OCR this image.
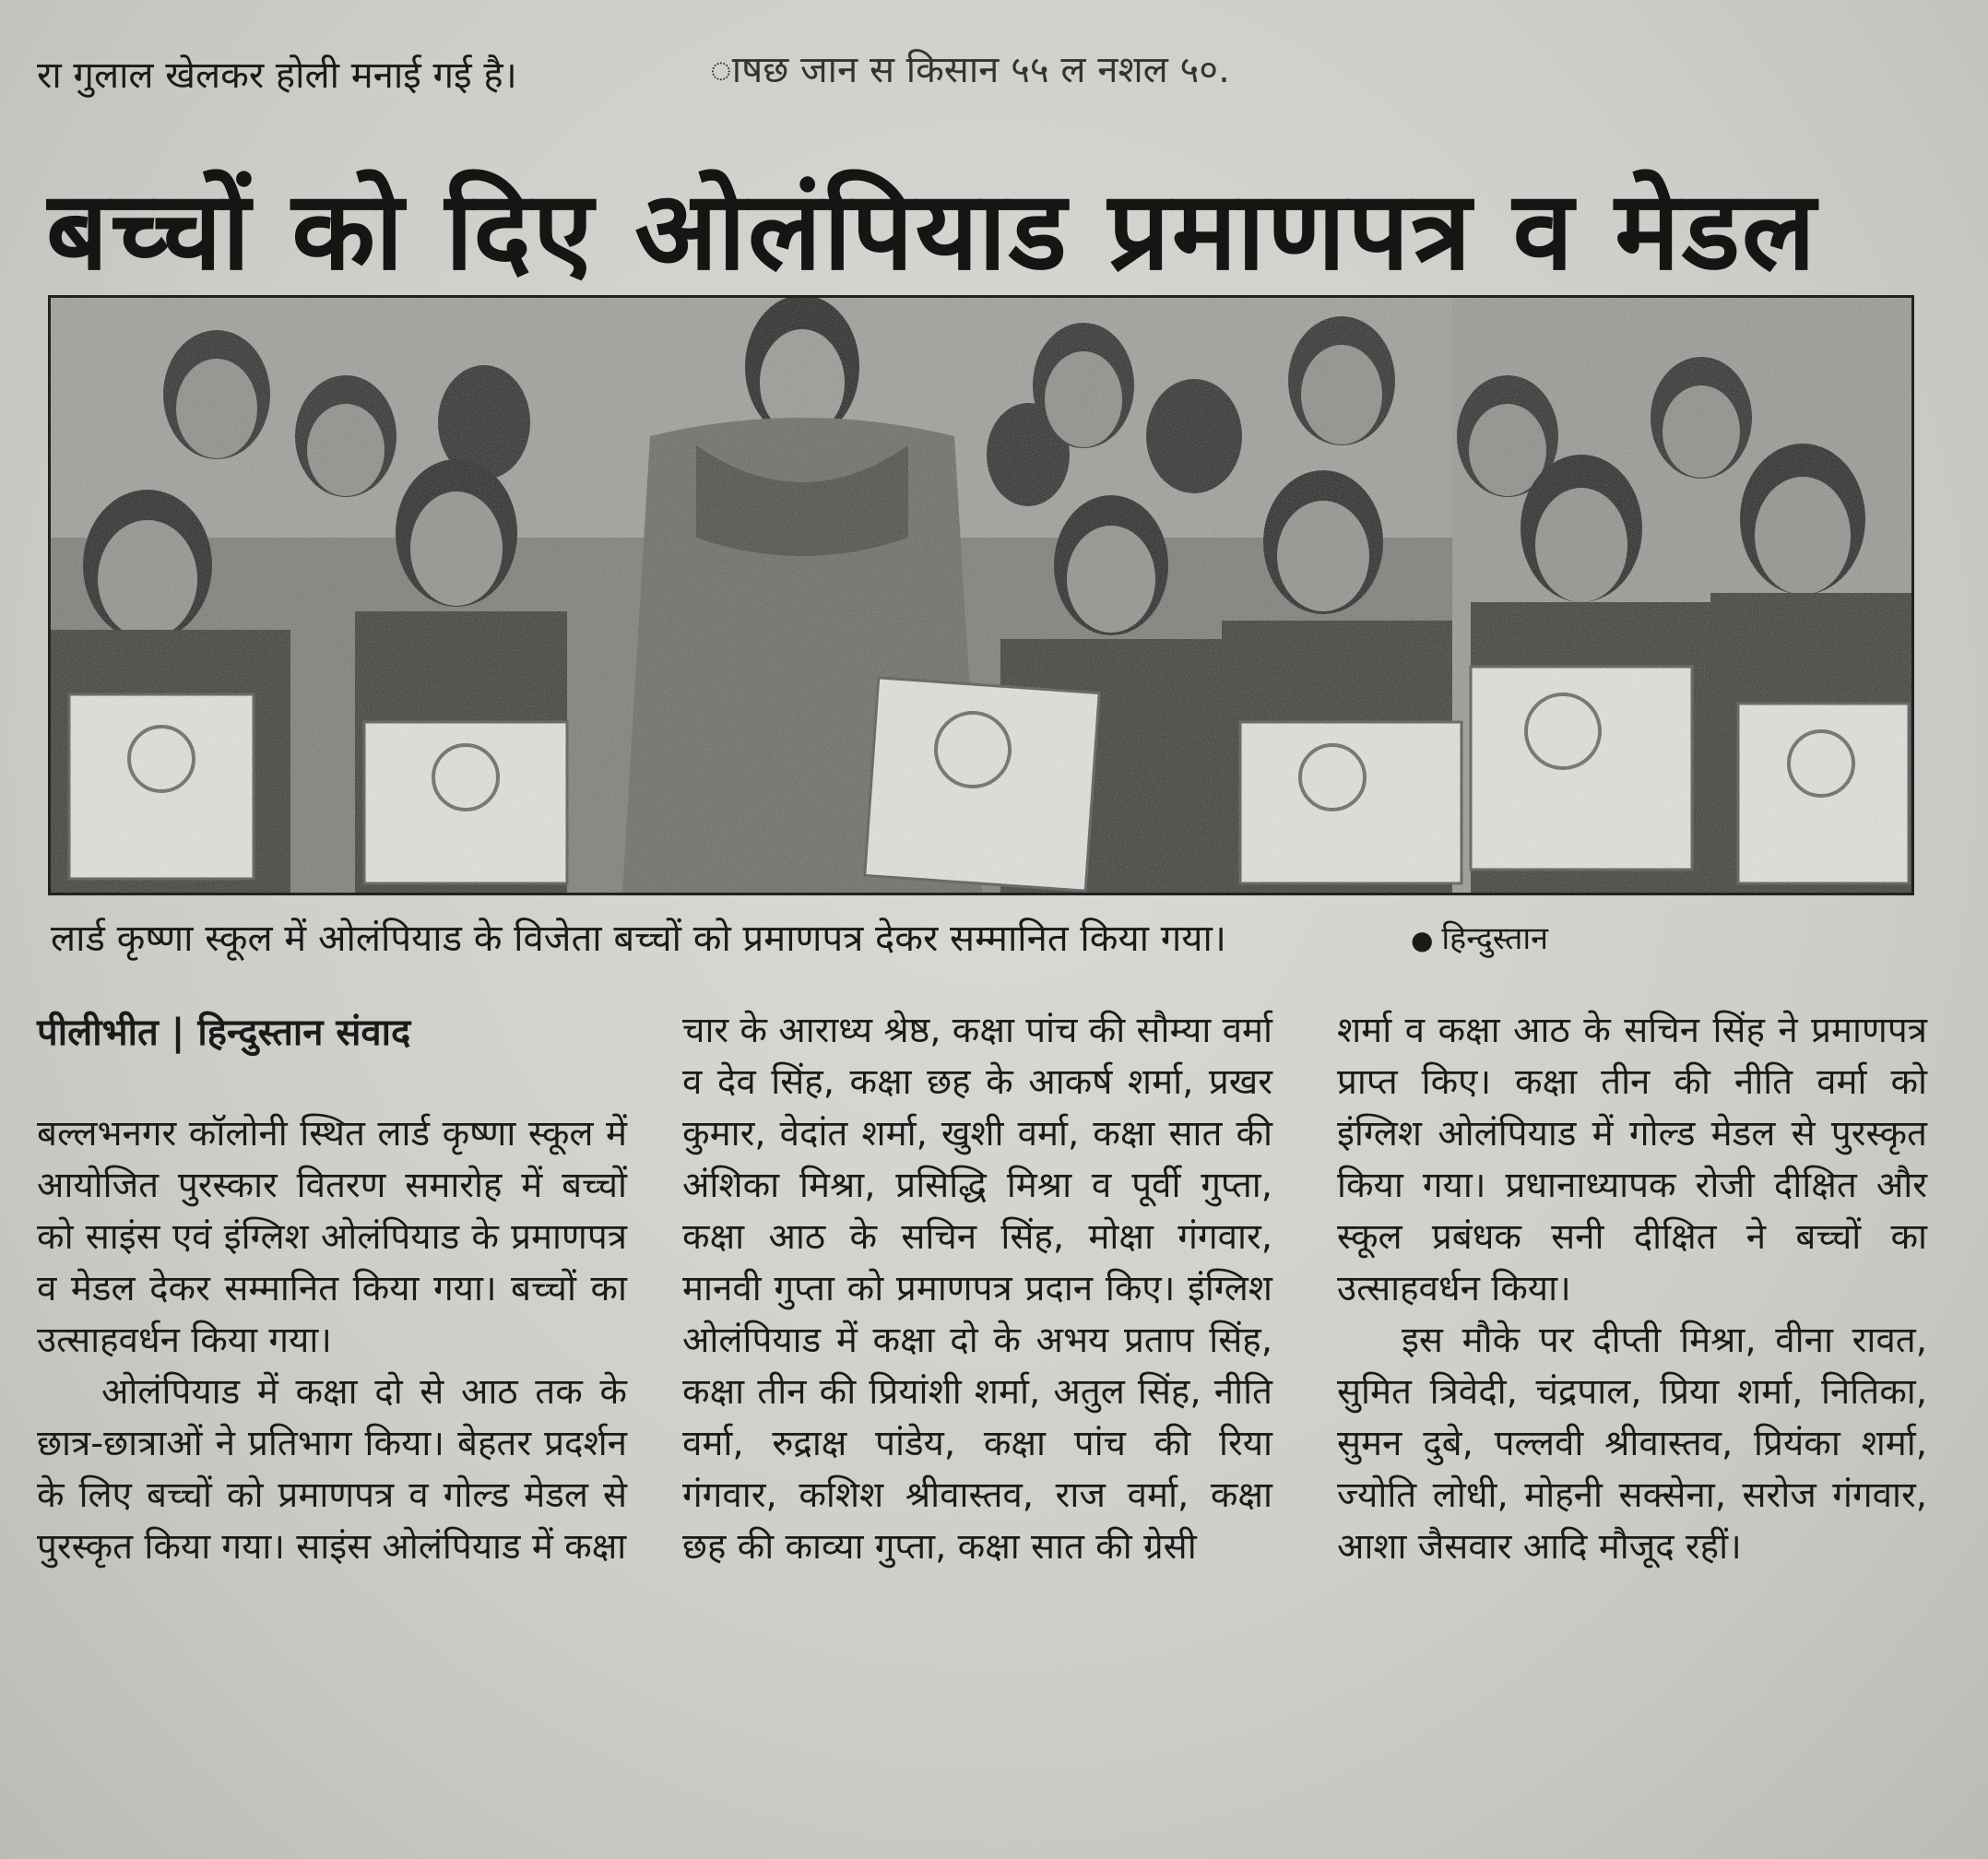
रा गुलाल खेलकर होली मनाई गई है।	ाषछ जान स किसान ५५ ल नशल ५०.
बच्चों को दिए ओलंपियाड प्रमाणपत्र व मेडल
लार्ड कृष्णा स्कूल में ओलंपियाड के विजेता बच्चों को प्रमाणपत्र देकर सम्मानित किया गया।	● हिन्दुस्तान
पीलीभीत | हिन्दुस्तान संवाद

बल्लभनगर कॉलोनी स्थित लार्ड कृष्णा स्कूल में आयोजित पुरस्कार वितरण समारोह में बच्चों को साइंस एवं इंग्लिश ओलंपियाड के प्रमाणपत्र व मेडल देकर सम्मानित किया गया। बच्चों का उत्साहवर्धन किया गया।

ओलंपियाड में कक्षा दो से आठ तक के छात्र-छात्राओं ने प्रतिभाग किया। बेहतर प्रदर्शन के लिए बच्चों को प्रमाणपत्र व गोल्ड मेडल से पुरस्कृत किया गया। साइंस ओलंपियाड में कक्षा

चार के आराध्य श्रेष्ठ, कक्षा पांच की सौम्या वर्मा व देव सिंह, कक्षा छह के आकर्ष शर्मा, प्रखर कुमार, वेदांत शर्मा, खुशी वर्मा, कक्षा सात की अंशिका मिश्रा, प्रसिद्धि मिश्रा व पूर्वी गुप्ता, कक्षा आठ के सचिन सिंह, मोक्षा गंगवार, मानवी गुप्ता को प्रमाणपत्र प्रदान किए। इंग्लिश ओलंपियाड में कक्षा दो के अभय प्रताप सिंह, कक्षा तीन की प्रियांशी शर्मा, अतुल सिंह, नीति वर्मा, रुद्राक्ष पांडेय, कक्षा पांच की रिया गंगवार, कशिश श्रीवास्तव, राज वर्मा, कक्षा छह की काव्या गुप्ता, कक्षा सात की ग्रेसी

शर्मा व कक्षा आठ के सचिन सिंह ने प्रमाणपत्र प्राप्त किए। कक्षा तीन की नीति वर्मा को इंग्लिश ओलंपियाड में गोल्ड मेडल से पुरस्कृत किया गया। प्रधानाध्यापक रोजी दीक्षित और स्कूल प्रबंधक सनी दीक्षित ने बच्चों का उत्साहवर्धन किया।

इस मौके पर दीप्ती मिश्रा, वीना रावत, सुमित त्रिवेदी, चंद्रपाल, प्रिया शर्मा, नितिका, सुमन दुबे, पल्लवी श्रीवास्तव, प्रियंका शर्मा, ज्योति लोधी, मोहनी सक्सेना, सरोज गंगवार, आशा जैसवार आदि मौजूद रहीं।
